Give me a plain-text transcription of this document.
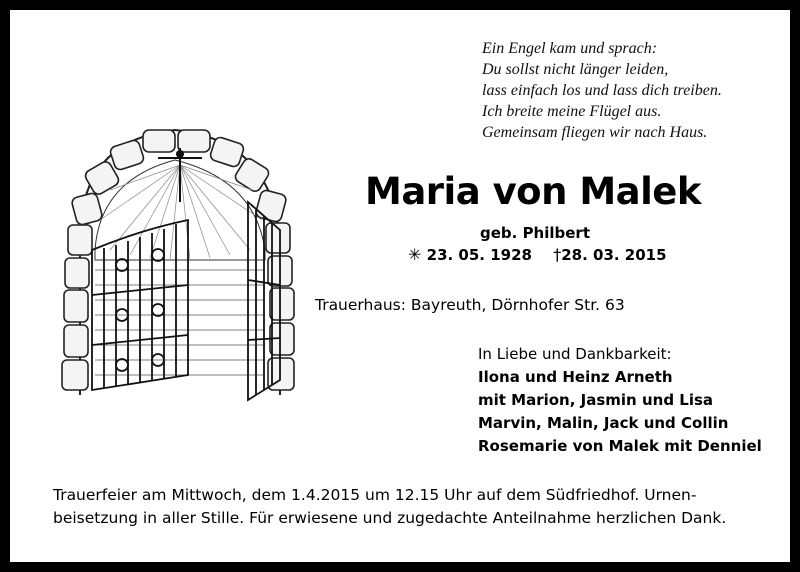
Ein Engel kam und sprach:
Du sollst nicht länger leiden,
lass einfach los und lass dich treiben.
Ich breite meine Flügel aus.
Gemeinsam fliegen wir nach Haus.
Maria von Malek
geb. Philbert
✳ 23. 05. 1928 †28. 03. 2015
Trauerhaus: Bayreuth, Dörnhofer Str. 63
In Liebe und Dankbarkeit:
Ilona und Heinz Arneth
mit Marion, Jasmin und Lisa
Marvin, Malin, Jack und Collin
Rosemarie von Malek mit Denniel
Trauerfeier am Mittwoch, dem 1.4.2015 um 12.15 Uhr auf dem Südfriedhof. Urnen-beisetzung in aller Stille. Für erwiesene und zugedachte Anteilnahme herzlichen Dank.
